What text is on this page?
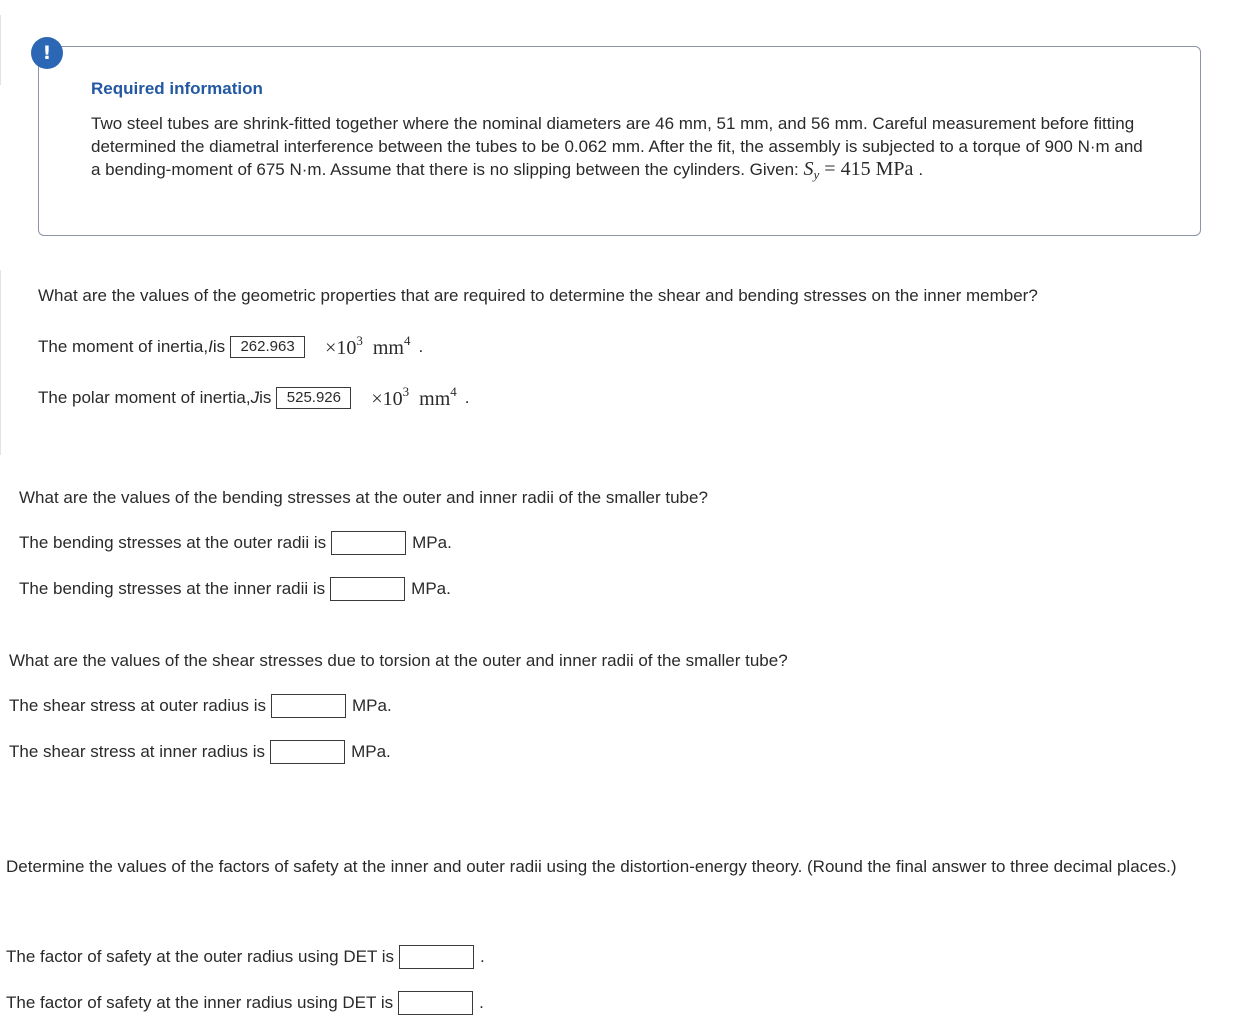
!
Required information
Two steel tubes are shrink-fitted together where the nominal diameters are 46 mm, 51 mm, and 56 mm. Careful measurement before fitting determined the diametral interference between the tubes to be 0.062 mm. After the fit, the assembly is subjected to a torque of 900 N·m and a bending-moment of 675 N·m. Assume that there is no slipping between the cylinders. Given: $S_y = 415$ MPa .
What are the values of the geometric properties that are required to determine the shear and bending stresses on the inner member?
The moment of inertia, I is	262.963	$\times 10^3$ $mm^4$ .
The polar moment of inertia, J is	525.926	$\times 10^3$ $mm^4$ .
What are the values of the bending stresses at the outer and inner radii of the smaller tube?
The bending stresses at the outer radii is	MPa.
The bending stresses at the inner radii is	MPa.
What are the values of the shear stresses due to torsion at the outer and inner radii of the smaller tube?
The shear stress at outer radius is	MPa.
The shear stress at inner radius is	MPa.
Determine the values of the factors of safety at the inner and outer radii using the distortion-energy theory. (Round the final answer to three decimal places.)
The factor of safety at the outer radius using DET is	.
The factor of safety at the inner radius using DET is	.
